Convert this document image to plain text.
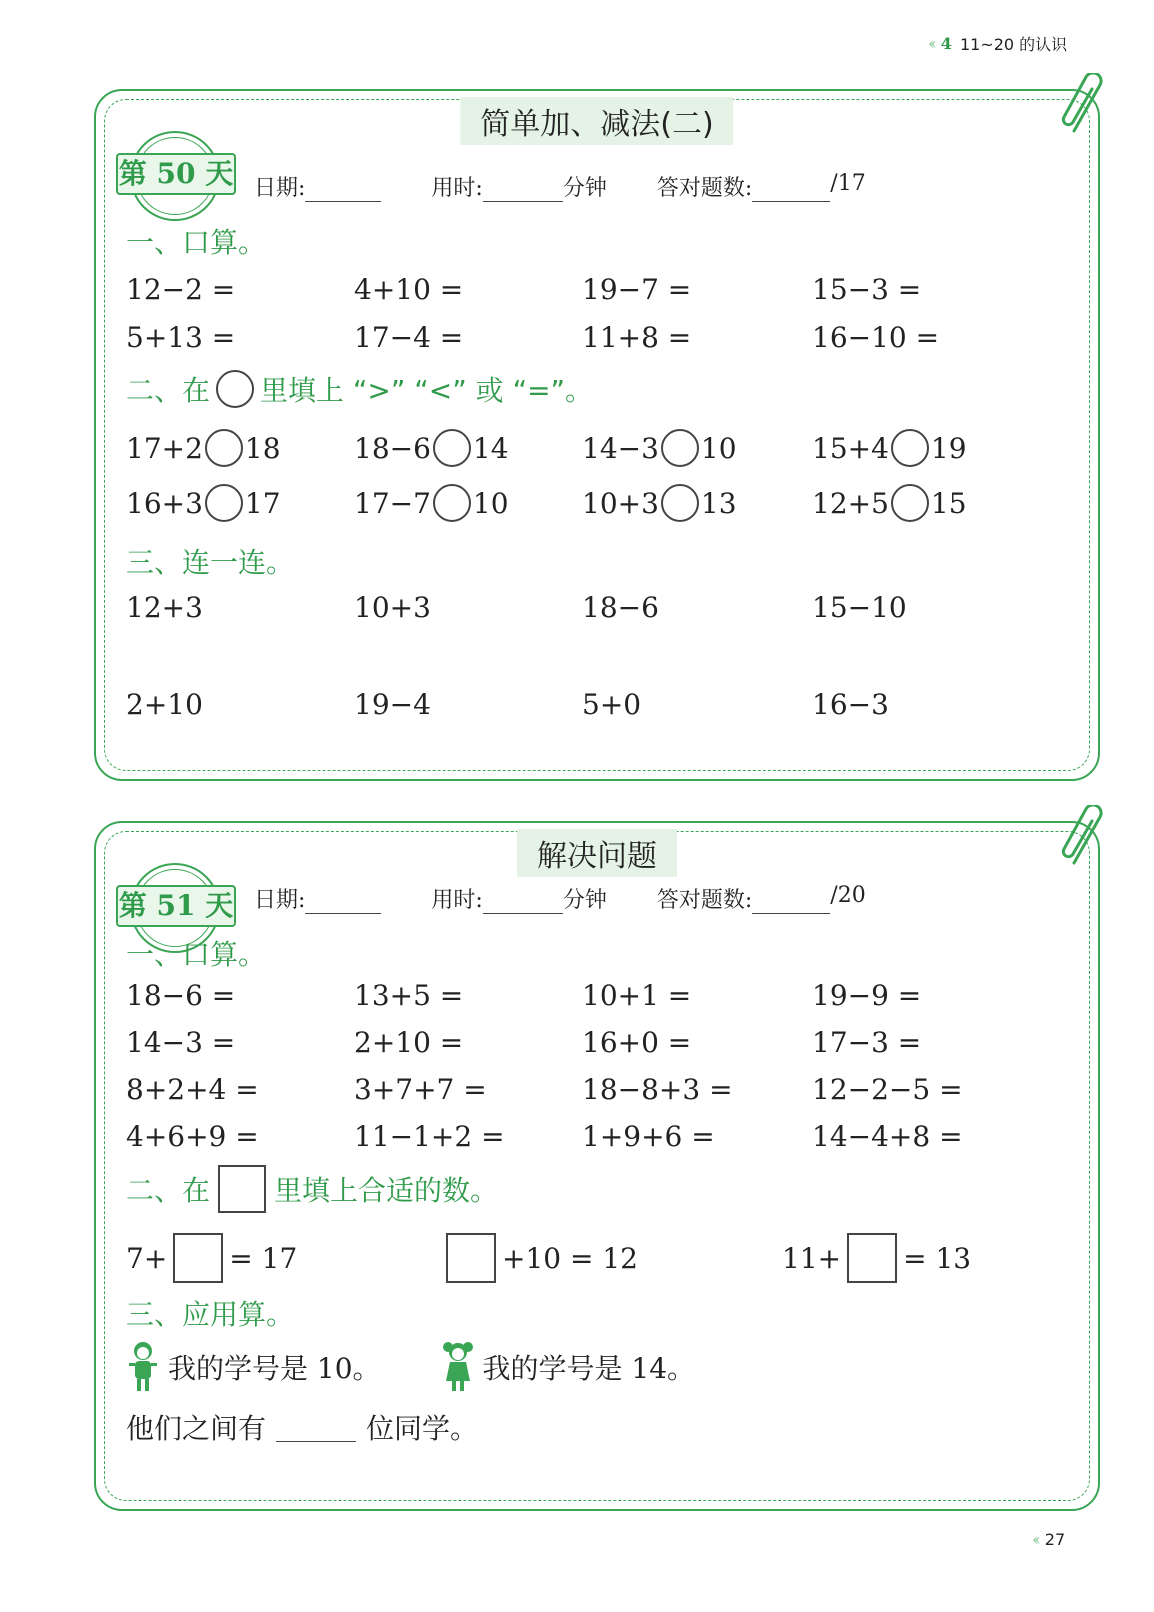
‹‹ 4 11~20 的认识
简单加、减法(二)
第 50 天 日期:	用时:	分钟 答对题数:	/17
一、口算。
12−2 =	4+10 =	19−7 =	15−3 =
5+13 =	17−4 =	11+8 =	16−10 =
二、在 里填上 “>” “<” 或 “=”。
17+2 18	18−6 14	14−3 10	15+4 19
16+3 17	17−7 10	10+3 13	12+5 15
三、连一连。
12+3	10+3	18−6	15−10
2+10	19−4	5+0	16−3
解决问题
第 51 天 日期:	用时:	分钟 答对题数:	/20
一、口算。
18−6 =	13+5 =	10+1 =	19−9 =
14−3 =	2+10 =	16+0 =	17−3 =
8+2+4 =	3+7+7 =	18−8+3 =	12−2−5 =
4+6+9 =	11−1+2 =	1+9+6 =	14−4+8 =
二、在 里填上合适的数。
7+ = 17	+10 = 12	11+ = 13
三、应用算。
我的学号是 10。	我的学号是 14。
他们之间有	位同学。
‹‹ 27
